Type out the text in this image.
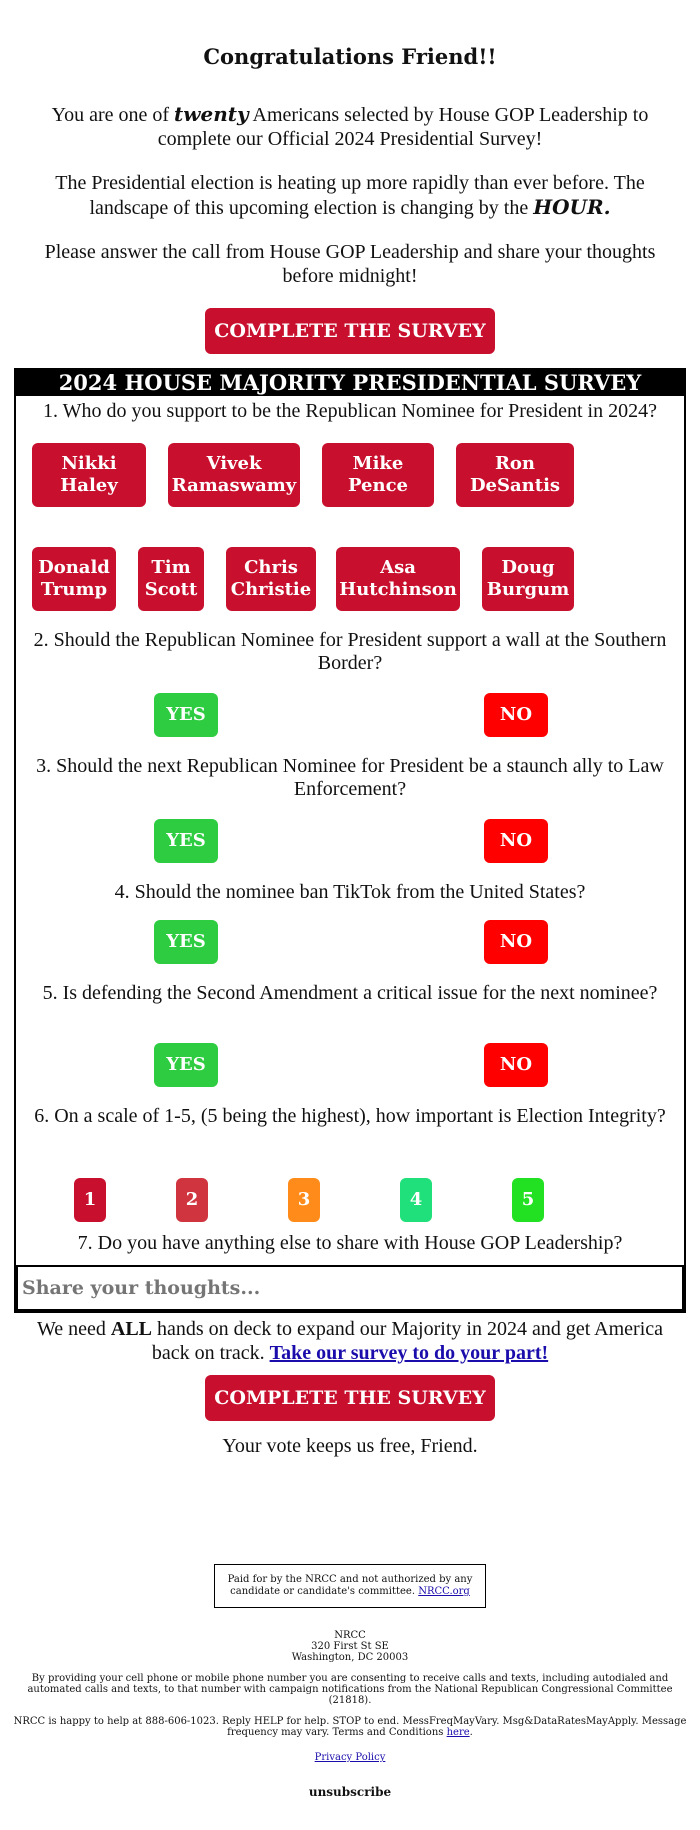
Congratulations Friend!!

You are one of twenty Americans selected by House GOP Leadership to complete our Official 2024 Presidential Survey!

The Presidential election is heating up more rapidly than ever before. The landscape of this upcoming election is changing by the HOUR.

Please answer the call from House GOP Leadership and share your thoughts before midnight!

COMPLETE THE SURVEY
2024 HOUSE MAJORITY PRESIDENTIAL SURVEY
1. Who do you support to be the Republican Nominee for President in 2024?
Nikki Haley
Vivek Ramaswamy
Mike Pence
Ron DeSantis
Donald Trump
Tim Scott
Chris Christie
Asa Hutchinson
Doug Burgum
2. Should the Republican Nominee for President support a wall at the Southern Border?
YES	NO
3. Should the next Republican Nominee for President be a staunch ally to Law Enforcement?
YES	NO
4. Should the nominee ban TikTok from the United States?
YES	NO
5. Is defending the Second Amendment a critical issue for the next nominee?
YES	NO
6. On a scale of 1-5, (5 being the highest), how important is Election Integrity?
1	2	3	4	5
7. Do you have anything else to share with House GOP Leadership?
Share your thoughts...

We need ALL hands on deck to expand our Majority in 2024 and get America back on track. Take our survey to do your part!

COMPLETE THE SURVEY
Your vote keeps us free, Friend.
Paid for by the NRCC and not authorized by any candidate or candidate's committee. NRCC.org
NRCC
320 First St SE
Washington, DC 20003
By providing your cell phone or mobile phone number you are consenting to receive calls and texts, including autodialed and automated calls and texts, to that number with campaign notifications from the National Republican Congressional Committee (21818).
NRCC is happy to help at 888-606-1023. Reply HELP for help. STOP to end. MessFreqMayVary. Msg&DataRatesMayApply. Message frequency may vary. Terms and Conditions here.
Privacy Policy
unsubscribe
